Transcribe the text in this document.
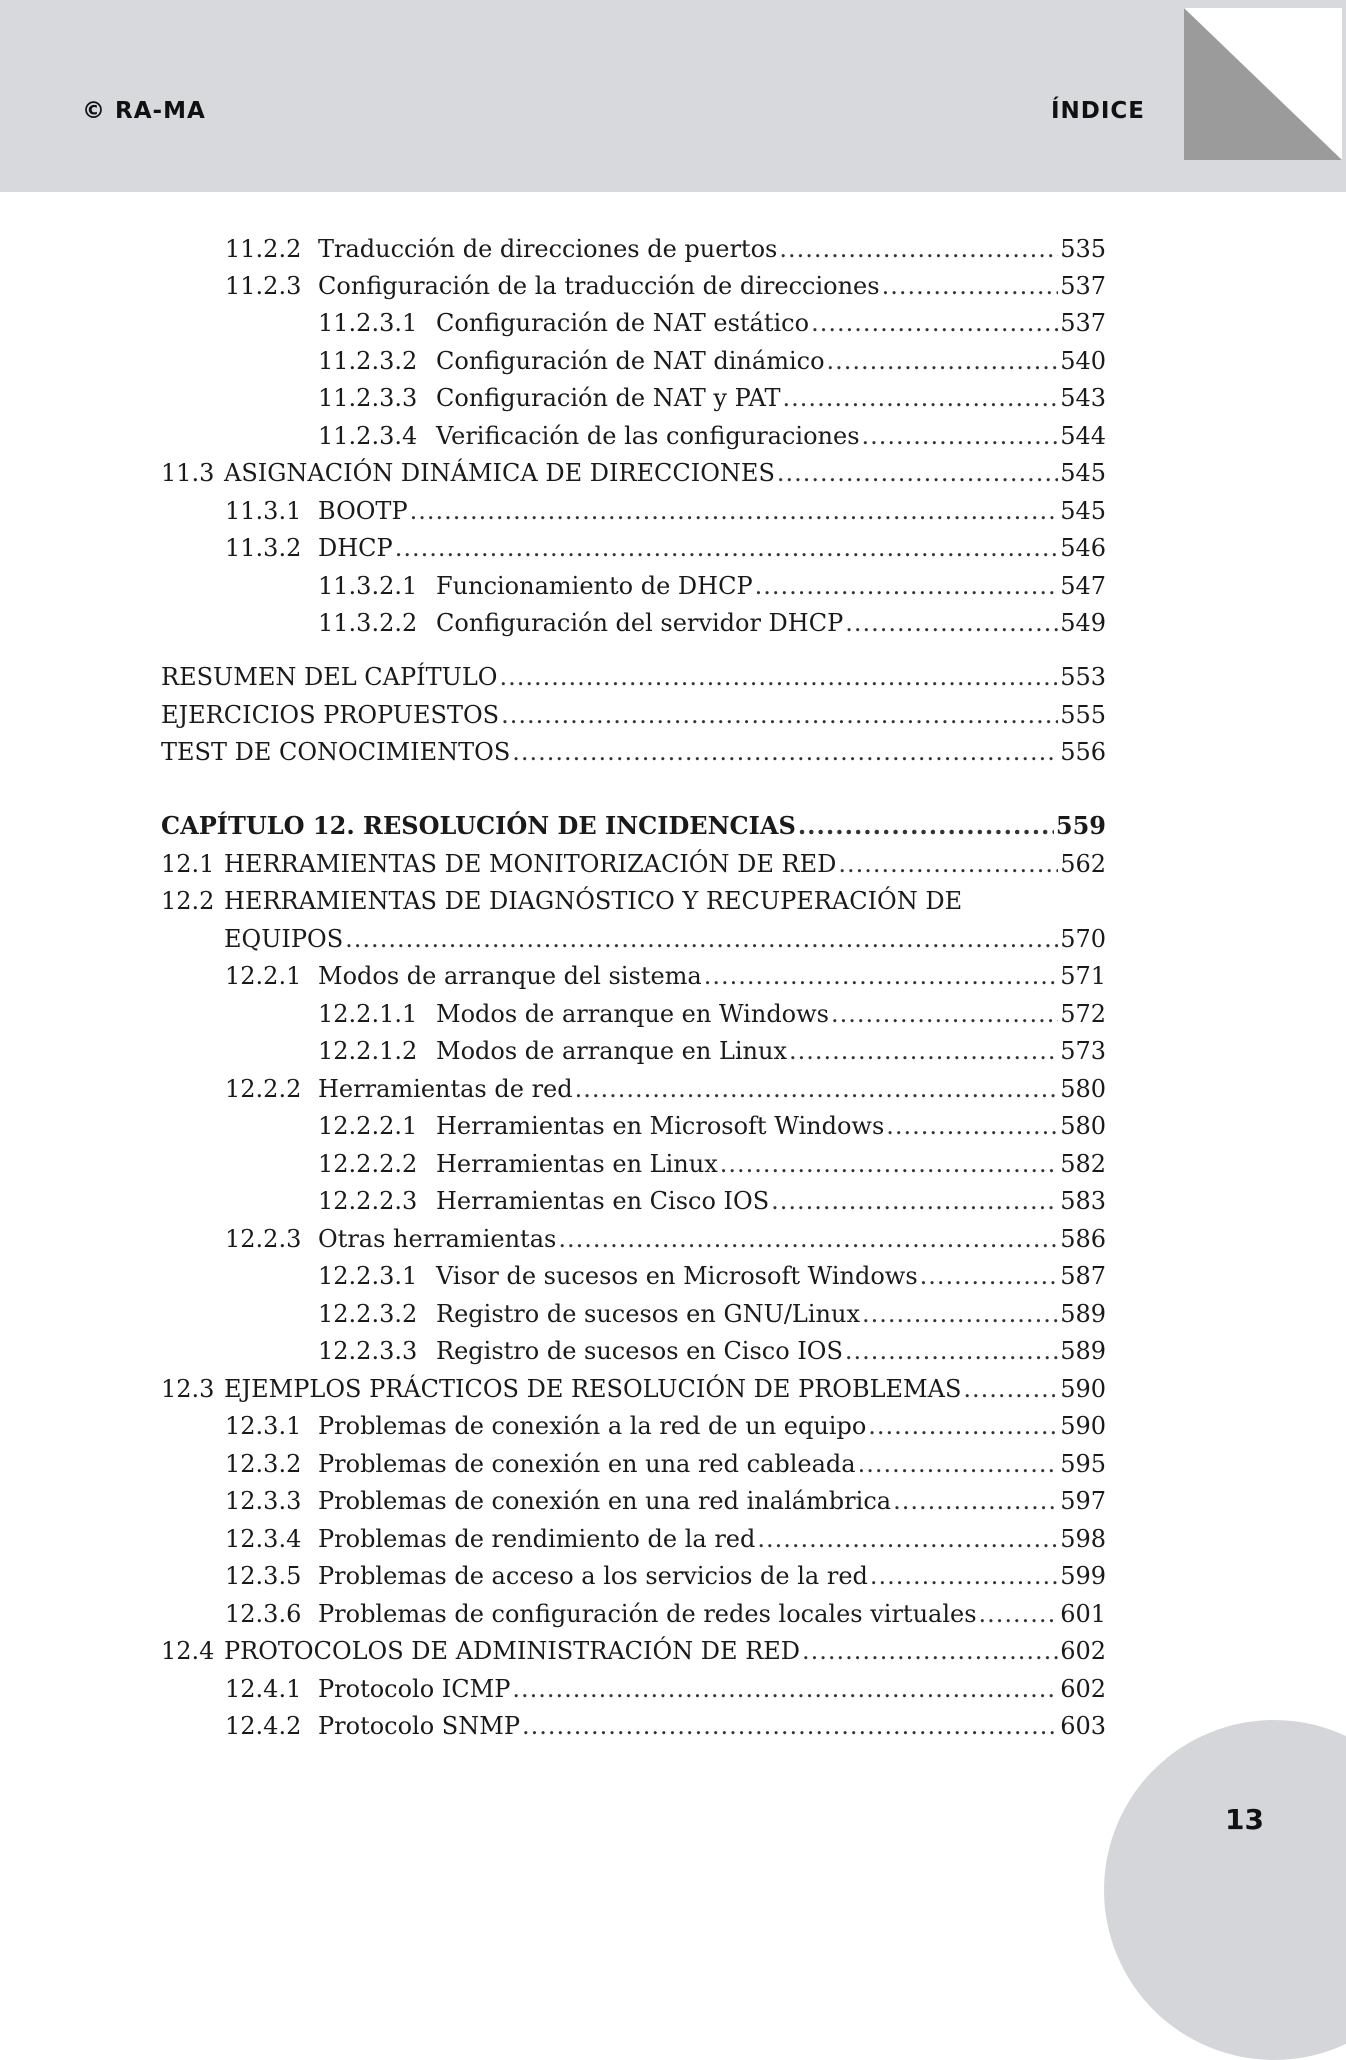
© RA-MA	ÍNDICE
11.2.2 Traducción de direcciones de puertos .....	535
11.2.3 Configuración de la traducción de direcciones .....	537
11.2.3.1 Configuración de NAT estático .....	537
11.2.3.2 Configuración de NAT dinámico .....	540
11.2.3.3 Configuración de NAT y PAT .....	543
11.2.3.4 Verificación de las configuraciones .....	544
11.3 ASIGNACIÓN DINÁMICA DE DIRECCIONES .....	545
11.3.1 BOOTP .....	545
11.3.2 DHCP .....	546
11.3.2.1 Funcionamiento de DHCP .....	547
11.3.2.2 Configuración del servidor DHCP .....	549
RESUMEN DEL CAPÍTULO .....	553
EJERCICIOS PROPUESTOS .....	555
TEST DE CONOCIMIENTOS .....	556
CAPÍTULO 12. RESOLUCIÓN DE INCIDENCIAS .....	559
12.1 HERRAMIENTAS DE MONITORIZACIÓN DE RED .....	562
12.2 HERRAMIENTAS DE DIAGNÓSTICO Y RECUPERACIÓN DE
EQUIPOS .....	570
12.2.1 Modos de arranque del sistema .....	571
12.2.1.1 Modos de arranque en Windows .....	572
12.2.1.2 Modos de arranque en Linux .....	573
12.2.2 Herramientas de red .....	580
12.2.2.1 Herramientas en Microsoft Windows .....	580
12.2.2.2 Herramientas en Linux .....	582
12.2.2.3 Herramientas en Cisco IOS .....	583
12.2.3 Otras herramientas .....	586
12.2.3.1 Visor de sucesos en Microsoft Windows .....	587
12.2.3.2 Registro de sucesos en GNU/Linux .....	589
12.2.3.3 Registro de sucesos en Cisco IOS .....	589
12.3 EJEMPLOS PRÁCTICOS DE RESOLUCIÓN DE PROBLEMAS .....	590
12.3.1 Problemas de conexión a la red de un equipo .....	590
12.3.2 Problemas de conexión en una red cableada .....	595
12.3.3 Problemas de conexión en una red inalámbrica .....	597
12.3.4 Problemas de rendimiento de la red .....	598
12.3.5 Problemas de acceso a los servicios de la red .....	599
12.3.6 Problemas de configuración de redes locales virtuales .....	601
12.4 PROTOCOLOS DE ADMINISTRACIÓN DE RED .....	602
12.4.1 Protocolo ICMP .....	602
12.4.2 Protocolo SNMP .....	603
13
